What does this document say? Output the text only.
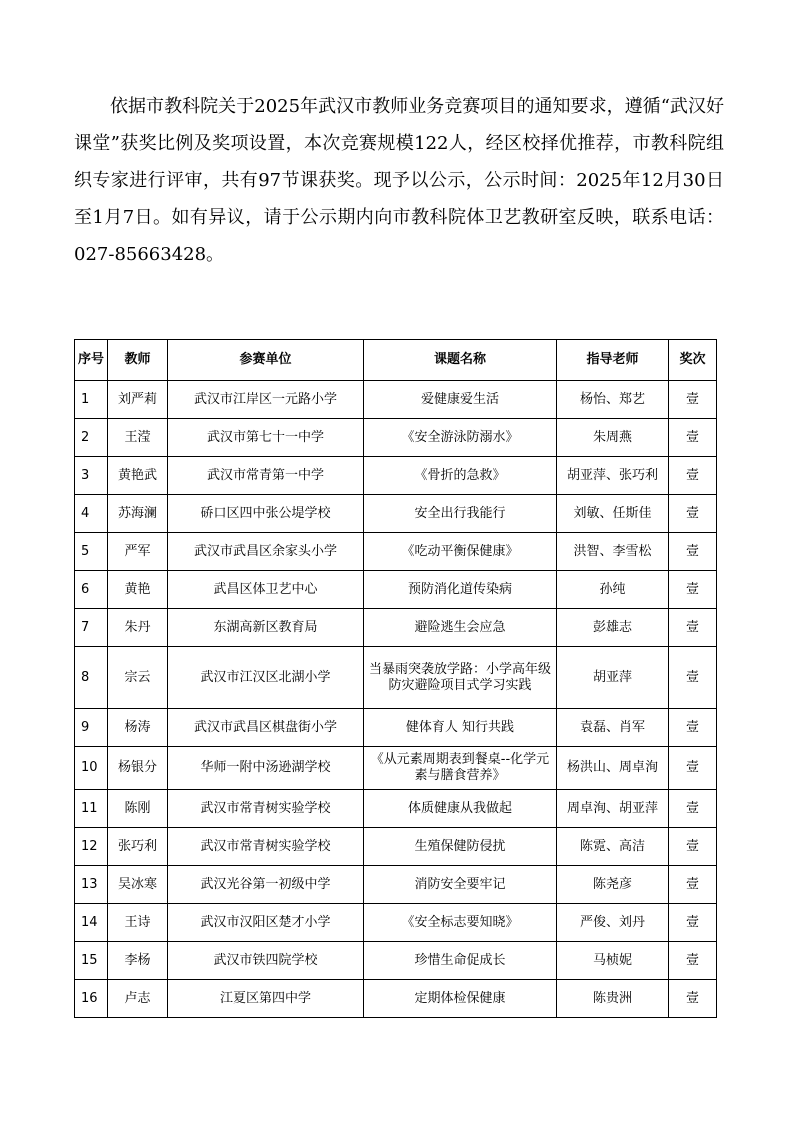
依据市教科院关于2025年武汉市教师业务竞赛项目的通知要求，遵循“武汉好课堂”获奖比例及奖项设置，本次竞赛规模122人，经区校择优推荐，市教科院组织专家进行评审，共有97节课获奖。现予以公示，公示时间：2025年12月30日至1月7日。如有异议，请于公示期内向市教科院体卫艺教研室反映，联系电话：027-85663428。

序号	教师	参赛单位	课题名称	指导老师	奖次
1	刘严莉	武汉市江岸区一元路小学	爱健康爱生活	杨怡、郑艺	壹
2	王滢	武汉市第七十一中学	《安全游泳防溺水》	朱周燕	壹
3	黄艳武	武汉市常青第一中学	《骨折的急救》	胡亚萍、张巧利	壹
4	苏海澜	硚口区四中张公堤学校	安全出行我能行	刘敏、任斯佳	壹
5	严军	武汉市武昌区余家头小学	《吃动平衡保健康》	洪智、李雪松	壹
6	黄艳	武昌区体卫艺中心	预防消化道传染病	孙纯	壹
7	朱丹	东湖高新区教育局	避险逃生会应急	彭雄志	壹
8	宗云	武汉市江汉区北湖小学	当暴雨突袭放学路：小学高年级防灾避险项目式学习实践	胡亚萍	壹
9	杨涛	武汉市武昌区棋盘街小学	健体育人 知行共践	袁磊、肖军	壹
10	杨银分	华师一附中汤逊湖学校	《从元素周期表到餐桌--化学元素与膳食营养》	杨洪山、周卓洵	壹
11	陈刚	武汉市常青树实验学校	体质健康从我做起	周卓洵、胡亚萍	壹
12	张巧利	武汉市常青树实验学校	生殖保健防侵扰	陈霓、高洁	壹
13	吴冰寒	武汉光谷第一初级中学	消防安全要牢记	陈尧彦	壹
14	王诗	武汉市汉阳区楚才小学	《安全标志要知晓》	严俊、刘丹	壹
15	李杨	武汉市铁四院学校	珍惜生命促成长	马桢妮	壹
16	卢志	江夏区第四中学	定期体检保健康	陈贵洲	壹
